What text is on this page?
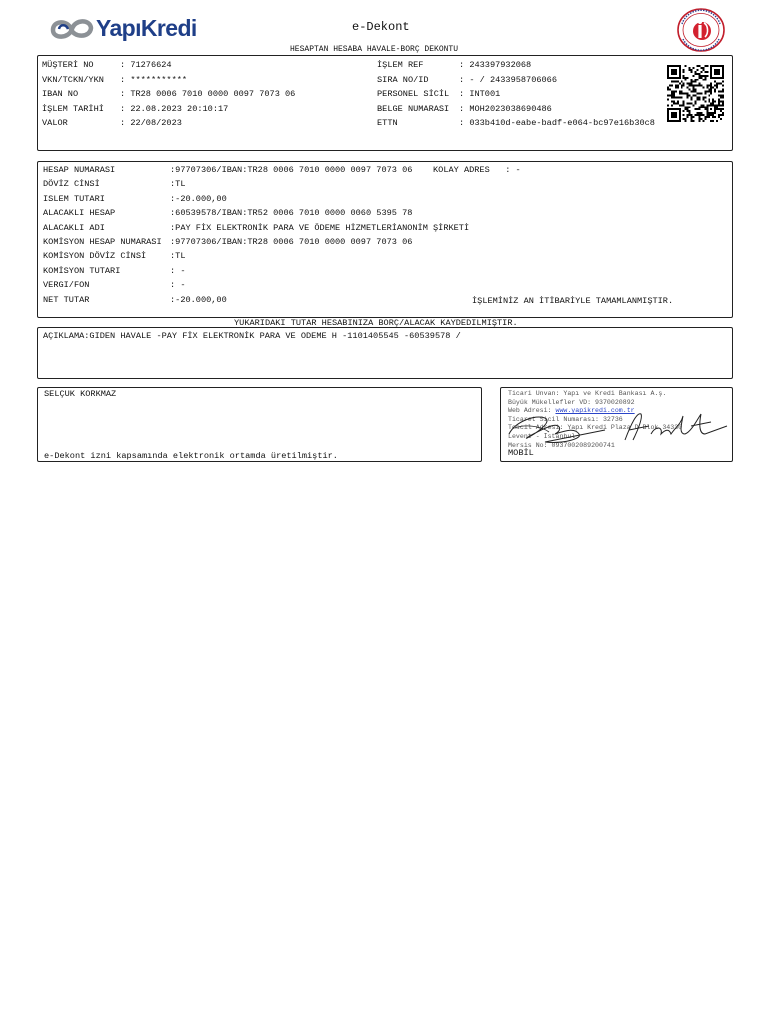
YapıKredi	e-Dekont
HESAPTAN HESABA HAVALE-BORÇ DEKONTU
MÜŞTERİ NO	: 71276624
VKN/TCKN/YKN	: ***********
IBAN NO	: TR28 0006 7010 0000 0097 7073 06
İŞLEM TARİHİ	: 22.08.2023 20:10:17
VALOR	: 22/08/2023
İŞLEM REF : 243397932068
SIRA NO/ID : - / 2433958706066
PERSONEL SİCİL : INT001
BELGE NUMARASI : MOH2023038690486
ETTN : 033b410d-eabe-badf-e064-bc97e16b30c8
HESAP NUMARASI :97707306/IBAN:TR28 0006 7010 0000 0097 7073 06    KOLAY ADRES   : -
DÖVİZ CİNSİ :TL
ISLEM TUTARI :-20.000,00
ALACAKLI HESAP :60539578/IBAN:TR52 0006 7010 0000 0060 5395 78
ALACAKLI ADI :PAY FİX ELEKTRONİK PARA VE ÖDEME HİZMETLERİANONİM ŞİRKETİ
KOMİSYON HESAP NUMARASI :97707306/IBAN:TR28 0006 7010 0000 0097 7073 06
KOMİSYON DÖVİZ CİNSİ :TL
KOMİSYON TUTARI : -
VERGI/FON : -
NET TUTAR :-20.000,00	İŞLEMİNİZ AN İTİBARİYLE TAMAMLANMIŞTIR.
YUKARIDAKI TUTAR HESABINIZA BORÇ/ALACAK KAYDEDILMIŞTIR.
AÇIKLAMA:GIDEN HAVALE -PAY FİX ELEKTRONİK PARA VE ODEME H -1101405545 -60539578 /
SELÇUK KORKMAZ
e-Dekont izni kapsamında elektronik ortamda üretilmiştir.
Ticari Unvan: Yapı ve Kredi Bankası A.ş.
Büyük Mükellefler VD: 9370020892
Web Adresi: www.yapikredi.com.tr
Ticaret Sicil Numarası: 32736
Tescil Adresi: Yapı Kredi Plaza D Blok 34330
Levent - İstanbul
Mersis No: 0937002089200741
MOBİL
